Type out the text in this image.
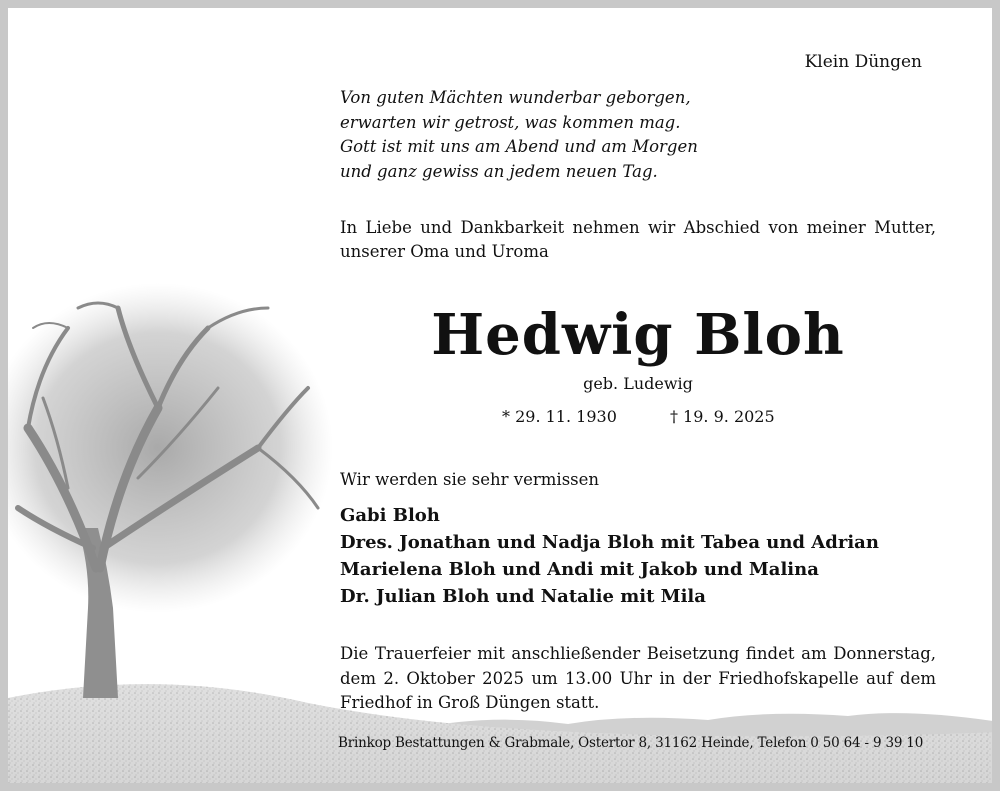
Klein Düngen
Von guten Mächten wunderbar geborgen,
erwarten wir getrost, was kommen mag.
Gott ist mit uns am Abend und am Morgen
und ganz gewiss an jedem neuen Tag.
In Liebe und Dankbarkeit nehmen wir Abschied von meiner Mutter, unserer Oma und Uroma
Hedwig Bloh
geb. Ludewig
* 29. 11. 1930	† 19. 9. 2025
Wir werden sie sehr vermissen
Gabi Bloh
Dres. Jonathan und Nadja Bloh mit Tabea und Adrian
Marielena Bloh und Andi mit Jakob und Malina
Dr. Julian Bloh und Natalie mit Mila
Die Trauerfeier mit anschließender Beisetzung findet am Donnerstag, dem 2. Oktober 2025 um 13.00 Uhr in der Friedhofskapelle auf dem Friedhof in Groß Düngen statt.
Brinkop Bestattungen & Grabmale, Ostertor 8, 31162 Heinde, Telefon 0 50 64 - 9 39 10
